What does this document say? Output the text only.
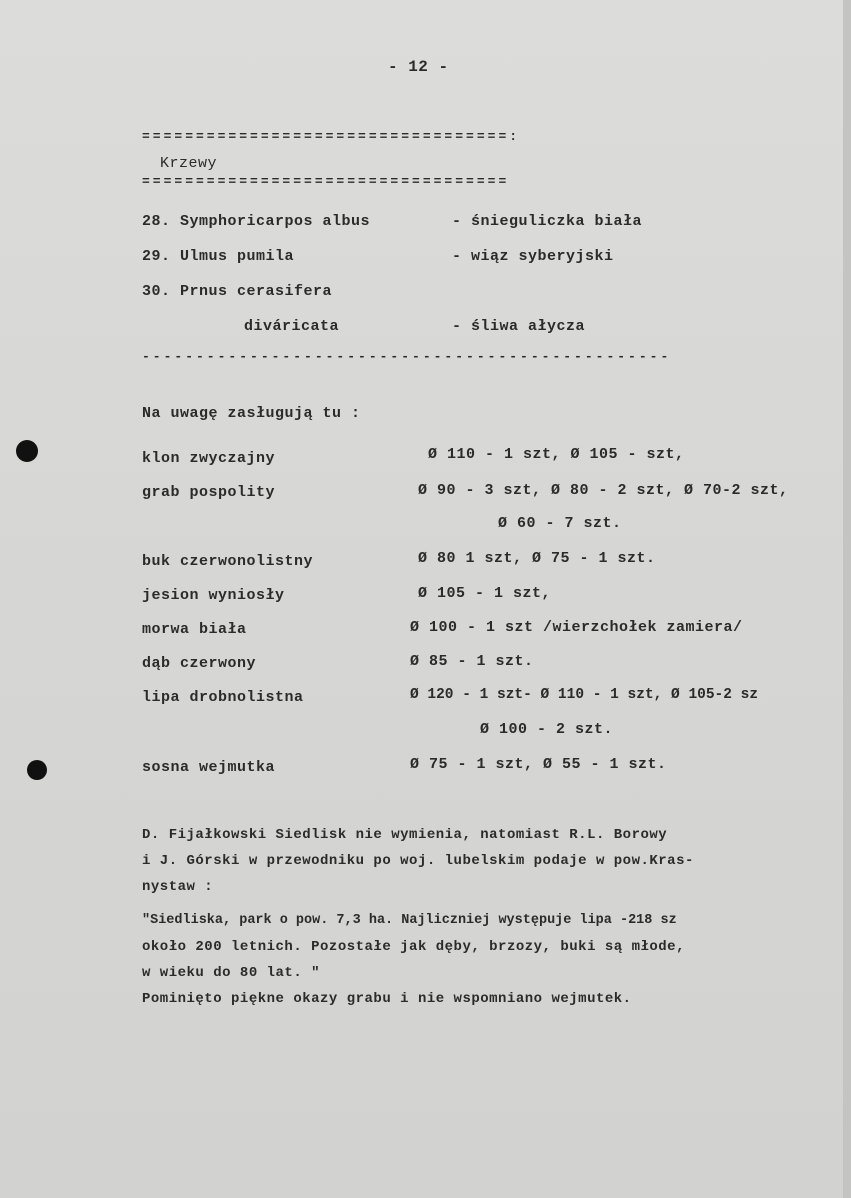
- 12 -
==================================:
Krzewy
==================================
28. Symphoricarpos albus	- śnieguliczka biała
29. Ulmus pumila	- wiąz syberyjski
30. Prnus cerasifera
diváricata	- śliwa ałycza
-------------------------------------------------
Na uwagę zasługują tu :
klon zwyczajny	Ø 110 - 1 szt, Ø 105 - szt,
grab pospolity	Ø 90 - 3 szt, Ø 80 - 2 szt, Ø 70-2 szt,
Ø 60 - 7 szt.
buk czerwonolistny	Ø 80 1 szt, Ø 75 - 1 szt.
jesion wyniosły	Ø 105 - 1 szt,
morwa biała	Ø 100 - 1 szt /wierzchołek zamiera/
dąb czerwony	Ø 85 - 1 szt.
lipa drobnolistna	Ø 120 - 1 szt- Ø 110 - 1 szt, Ø 105-2 sz
Ø 100 - 2 szt.
sosna wejmutka	Ø 75 - 1 szt, Ø 55 - 1 szt.
D. Fijałkowski Siedlisk nie wymienia, natomiast R.L. Borowy
i J. Górski w przewodniku po woj. lubelskim podaje w pow.Kras-
nystaw :
"Siedliska, park o pow. 7,3 ha. Najliczniej występuje lipa -218 sz
około 200 letnich. Pozostałe jak dęby, brzozy, buki są młode,
w wieku do 80 lat. "
Pominięto piękne okazy grabu i nie wspomniano wejmutek.
